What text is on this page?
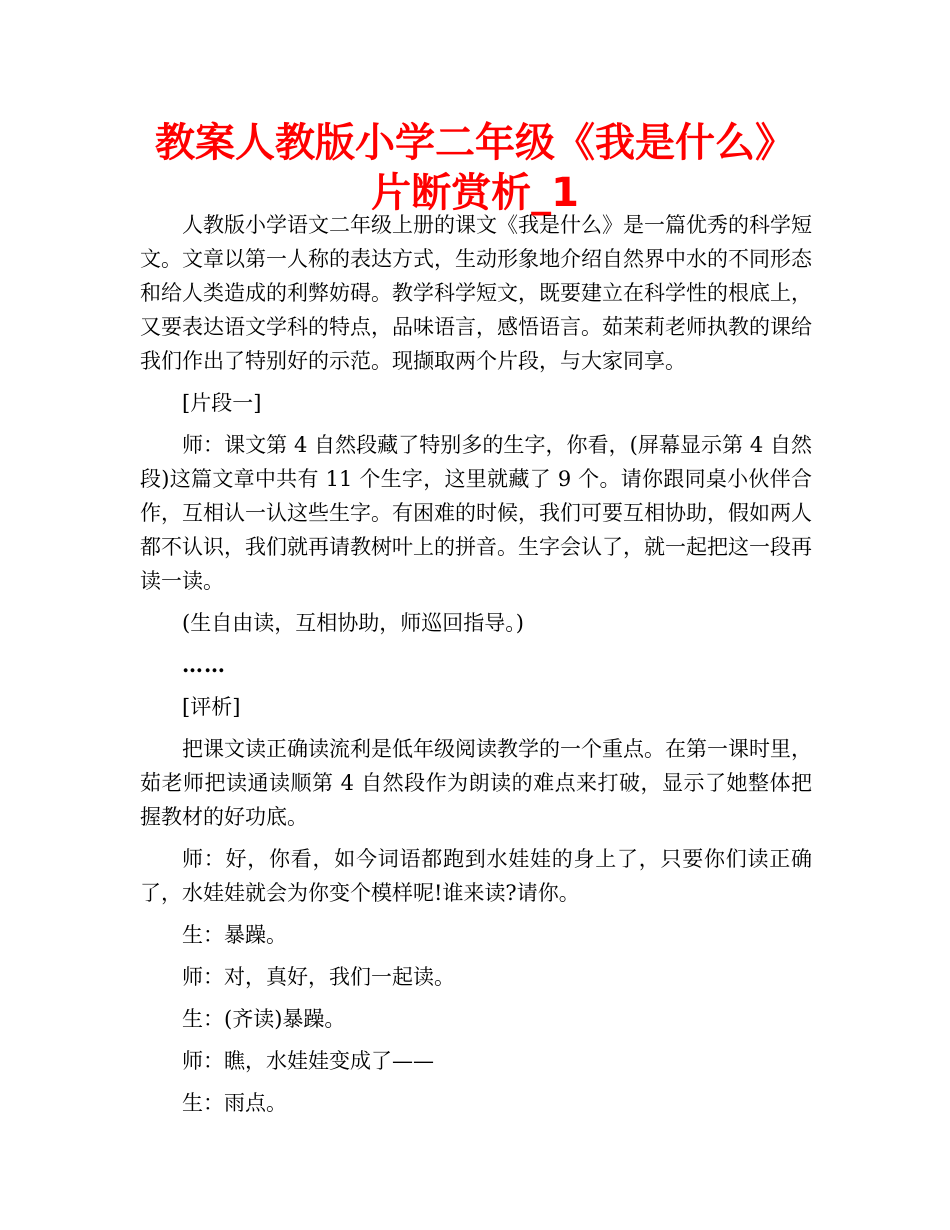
教案人教版小学二年级《我是什么》片断赏析_1

人教版小学语文二年级上册的课文《我是什么》是一篇优秀的科学短文。文章以第一人称的表达方式，生动形象地介绍自然界中水的不同形态和给人类造成的利弊妨碍。教学科学短文，既要建立在科学性的根底上，又要表达语文学科的特点，品味语言，感悟语言。茹茉莉老师执教的课给我们作出了特别好的示范。现撷取两个片段，与大家同享。

[片段一]

师：课文第 4 自然段藏了特别多的生字，你看，(屏幕显示第 4 自然段)这篇文章中共有 11 个生字，这里就藏了 9 个。请你跟同桌小伙伴合作，互相认一认这些生字。有困难的时候，我们可要互相协助，假如两人都不认识，我们就再请教树叶上的拼音。生字会认了，就一起把这一段再读一读。

(生自由读，互相协助，师巡回指导。)

……

[评析]

把课文读正确读流利是低年级阅读教学的一个重点。在第一课时里，茹老师把读通读顺第 4 自然段作为朗读的难点来打破，显示了她整体把握教材的好功底。

师：好，你看，如今词语都跑到水娃娃的身上了，只要你们读正确了，水娃娃就会为你变个模样呢!谁来读?请你。

生：暴躁。

师：对，真好，我们一起读。

生：(齐读)暴躁。

师：瞧，水娃娃变成了——

生：雨点。
